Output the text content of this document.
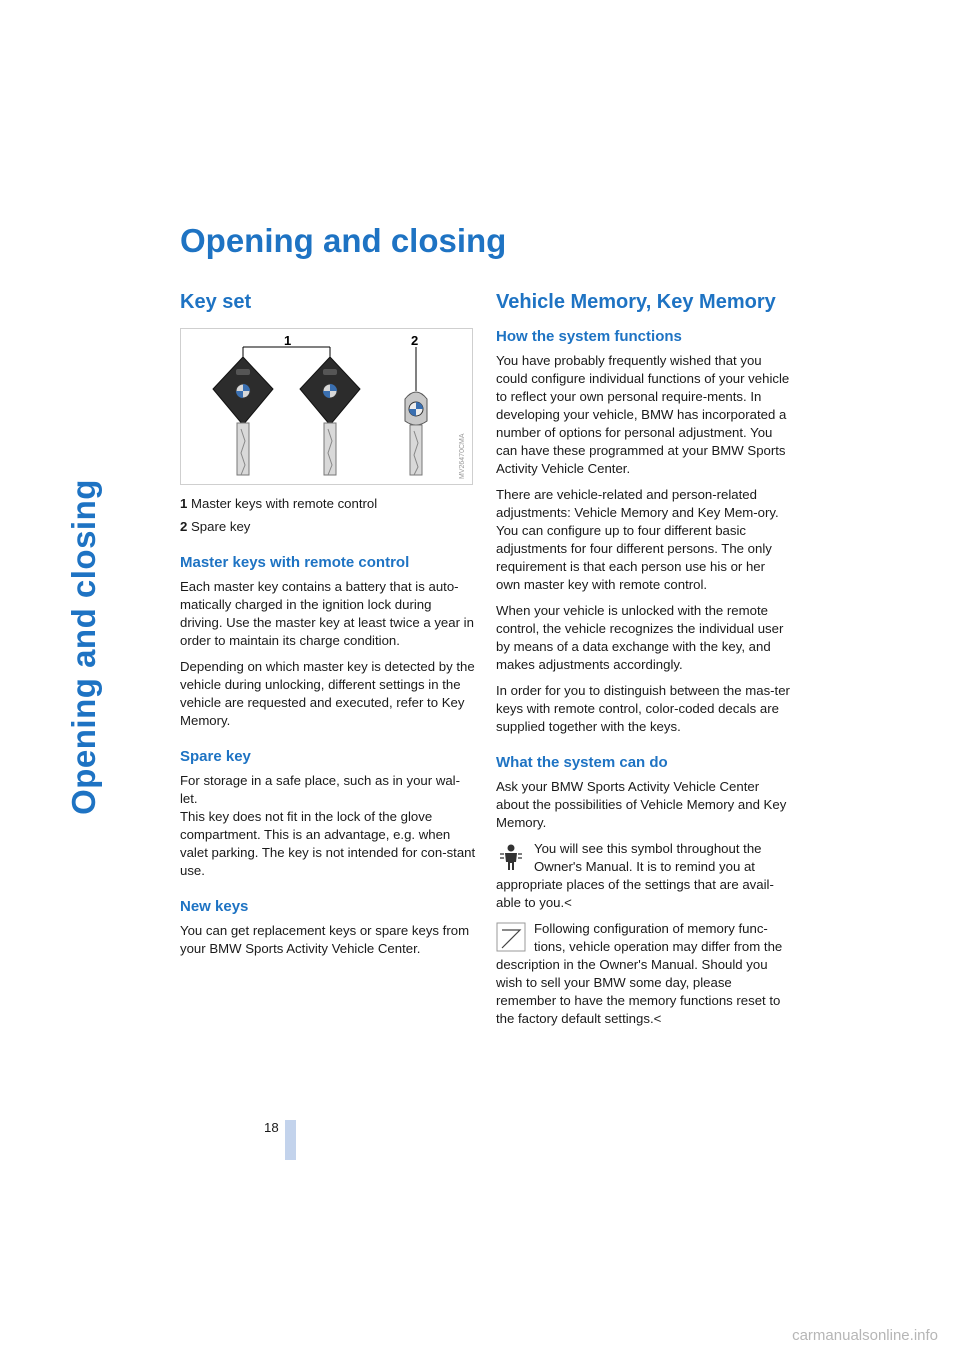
Opening and closing
Opening and closing
Key set
1	2
MV26470CMA
1 Master keys with remote control
2 Spare key
Master keys with remote control

Each master key contains a battery that is auto-matically charged in the ignition lock during driving. Use the master key at least twice a year in order to maintain its charge condition.

Depending on which master key is detected by the vehicle during unlocking, different settings in the vehicle are requested and executed, refer to Key Memory.

Spare key

For storage in a safe place, such as in your wal-let.

This key does not fit in the lock of the glove compartment. This is an advantage, e.g. when valet parking. The key is not intended for con-stant use.

New keys

You can get replacement keys or spare keys from your BMW Sports Activity Vehicle Center.

Vehicle Memory, Key Memory
How the system functions

You have probably frequently wished that you could configure individual functions of your vehicle to reflect your own personal require-ments. In developing your vehicle, BMW has incorporated a number of options for personal adjustment. You can have these programmed at your BMW Sports Activity Vehicle Center.

There are vehicle-related and person-related adjustments: Vehicle Memory and Key Mem-ory. You can configure up to four different basic adjustments for four different persons. The only requirement is that each person use his or her own master key with remote control.

When your vehicle is unlocked with the remote control, the vehicle recognizes the individual user by means of a data exchange with the key, and makes adjustments accordingly.

In order for you to distinguish between the mas-ter keys with remote control, color-coded decals are supplied together with the keys.

What the system can do

Ask your BMW Sports Activity Vehicle Center about the possibilities of Vehicle Memory and Key Memory.

You will see this symbol throughout the Owner's Manual. It is to remind you at appropriate places of the settings that are avail-able to you.<

Following configuration of memory func-tions, vehicle operation may differ from the description in the Owner's Manual. Should you wish to sell your BMW some day, please remember to have the memory functions reset to the factory default settings.<

18
carmanualsonline.info
